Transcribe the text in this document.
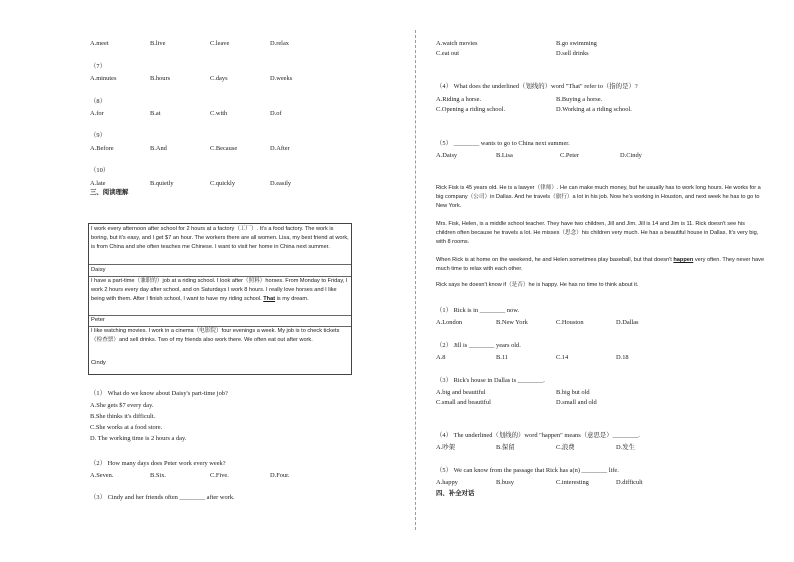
A.meet	B.live	C.leave	D.relax
（7）
A.minutes	B.hours	C.days	D.weeks
（8）
A.for	B.at	C.with	D.of
（9）
A.Before	B.And	C.Because	D.After
（10）
A.late	B.quietly	C.quickly	D.easily
三、阅读理解
I work every afternoon after school for 2 hours at a factory（工厂）. It's a food factory. The work is boring, but it's easy, and I get $7 an hour. The workers there are all women. Lisa, my best friend at work, is from China and she often teaches me Chinese. I want to visit her home in China next summer.
Daisy
I have a part-time（兼职的）job at a riding school. I look after（照料）horses. From Monday to Friday, I work 2 hours every day after school, and on Saturdays I work 8 hours. I really love horses and I like being with them. After I finish school, I want to have my riding school. That is my dream.
Peter
I like watching movies. I work in a cinema（电影院）four evenings a week. My job is to check tickets（检查票）and sell drinks. Two of my friends also work there. We often eat out after work.
Cindy
（1） What do we know about Daisy's part-time job?
A.She gets $7 every day.
B.She thinks it's difficult.
C.She works at a food store.
D. The working time is 2 hours a day.
（2） How many days does Peter work every week?
A.Seven.	B.Six.	C.Five.	D.Four.
（3） Cindy and her friends often ________ after work.
A.watch movies	B.go swimming
C.eat out	D.sell drinks
（4） What does the underlined（划线的）word "That" refer to（指的是）?
A.Riding a horse.	B.Buying a horse.
C.Opening a riding school.	D.Working at a riding school.
（5） ________ wants to go to China next summer.
A.Daisy	B.Lisa	C.Peter	D.Cindy
Rick Fisk is 45 years old. He is a lawyer（律师）. He can make much money, but he usually has to work long hours. He works for a big company（公司）in Dallas. And he travels（旅行）a lot in his job. Now he's working in Houston, and next week he has to go to New York.
Mrs. Fisk, Helen, is a middle school teacher. They have two children, Jill and Jim. Jill is 14 and Jim is 11. Rick doesn't see his children often because he travels a lot. He misses（思念）his children very much. He has a beautiful house in Dallas. It's very big, with 8 rooms.
When Rick is at home on the weekend, he and Helen sometimes play baseball, but that doesn't happen very often. They never have much time to relax with each other.
Rick says he doesn't know if（是否）he is happy. He has no time to think about it.
（1） Rick is in ________ now.
A.London	B.New York	C.Houston	D.Dallas
（2） Jill is ________ years old.
A.8	B.11	C.14	D.18
（3） Rick's house in Dallas is ________.
A.big and beautiful	B.big but old
C.small and beautiful	D.small and old
（4） The underlined（划线的）word "happen" means（意思是）________.
A.吵架	B.保留	C.浪费	D.发生
（5） We can know from the passage that Rick has a(n) ________ life.
A.happy	B.busy	C.interesting	D.difficult
四、补全对话
